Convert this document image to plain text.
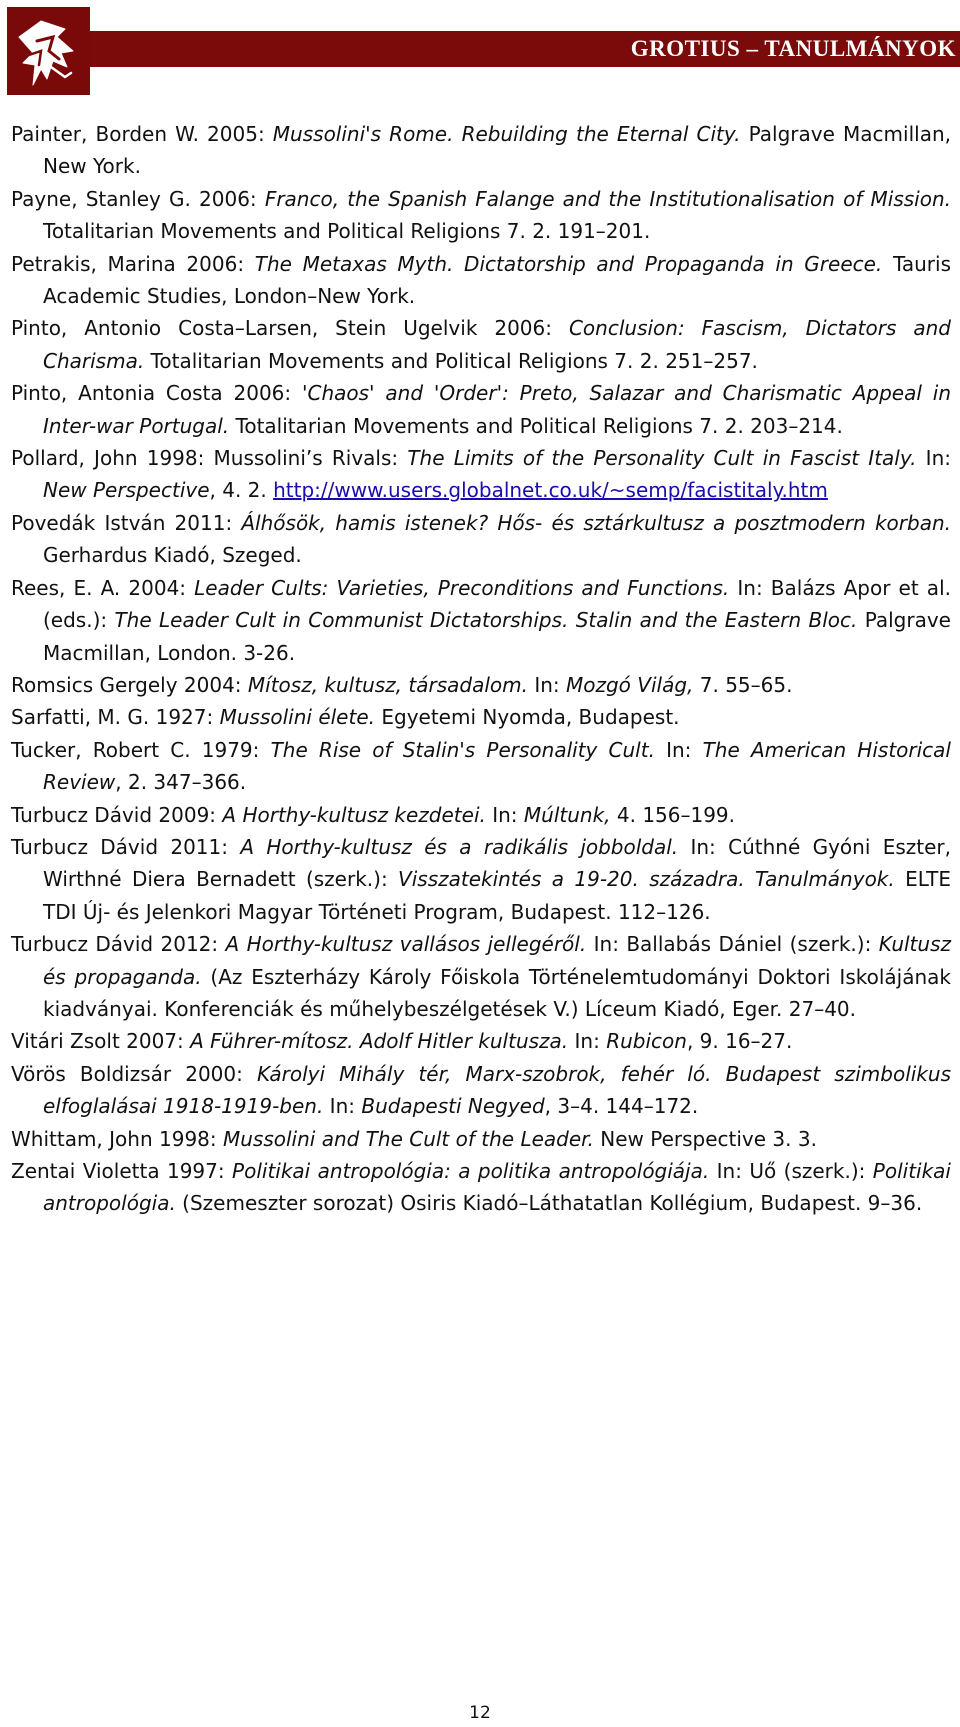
GROTIUS – TANULMÁNYOK

Painter, Borden W. 2005: Mussolini's Rome. Rebuilding the Eternal City. Palgrave Macmillan, New York.

Payne, Stanley G. 2006: Franco, the Spanish Falange and the Institutionalisation of Mission. Totalitarian Movements and Political Religions 7. 2. 191–201.

Petrakis, Marina 2006: The Metaxas Myth. Dictatorship and Propaganda in Greece. Tauris Academic Studies, London–New York.

Pinto, Antonio Costa–Larsen, Stein Ugelvik 2006: Conclusion: Fascism, Dictators and Charisma. Totalitarian Movements and Political Religions 7. 2. 251–257.

Pinto, Antonia Costa 2006: 'Chaos' and 'Order': Preto, Salazar and Charismatic Appeal in Inter-war Portugal. Totalitarian Movements and Political Religions 7. 2. 203–214.

Pollard, John 1998: Mussolini’s Rivals: The Limits of the Personality Cult in Fascist Italy. In: New Perspective, 4. 2. http://www.users.globalnet.co.uk/~semp/facistitaly.htm

Povedák István 2011: Álhősök, hamis istenek? Hős- és sztárkultusz a posztmodern korban. Gerhardus Kiadó, Szeged.

Rees, E. A. 2004: Leader Cults: Varieties, Preconditions and Functions. In: Balázs Apor et al. (eds.): The Leader Cult in Communist Dictatorships. Stalin and the Eastern Bloc. Palgrave Macmillan, London. 3-26.

Romsics Gergely 2004: Mítosz, kultusz, társadalom. In: Mozgó Világ, 7. 55–65.

Sarfatti, M. G. 1927: Mussolini élete. Egyetemi Nyomda, Budapest.

Tucker, Robert C. 1979: The Rise of Stalin's Personality Cult. In: The American Historical Review, 2. 347–366.

Turbucz Dávid 2009: A Horthy-kultusz kezdetei. In: Múltunk, 4. 156–199.

Turbucz Dávid 2011: A Horthy-kultusz és a radikális jobboldal. In: Cúthné Gyóni Eszter, Wirthné Diera Bernadett (szerk.): Visszatekintés a 19-20. századra. Tanulmányok. ELTE TDI Új- és Jelenkori Magyar Történeti Program, Budapest. 112–126.

Turbucz Dávid 2012: A Horthy-kultusz vallásos jellegéről. In: Ballabás Dániel (szerk.): Kultusz és propaganda. (Az Eszterházy Károly Főiskola Történelemtudományi Doktori Iskolájának kiadványai. Konferenciák és műhelybeszélgetések V.) Líceum Kiadó, Eger. 27–40.

Vitári Zsolt 2007: A Führer-mítosz. Adolf Hitler kultusza. In: Rubicon, 9. 16–27.

Vörös Boldizsár 2000: Károlyi Mihály tér, Marx-szobrok, fehér ló. Budapest szimbolikus elfoglalásai 1918-1919-ben. In: Budapesti Negyed, 3–4. 144–172.

Whittam, John 1998: Mussolini and The Cult of the Leader. New Perspective 3. 3.

Zentai Violetta 1997: Politikai antropológia: a politika antropológiája. In: Uő (szerk.): Politikai antropológia. (Szemeszter sorozat) Osiris Kiadó–Láthatatlan Kollégium, Budapest. 9–36.

12
